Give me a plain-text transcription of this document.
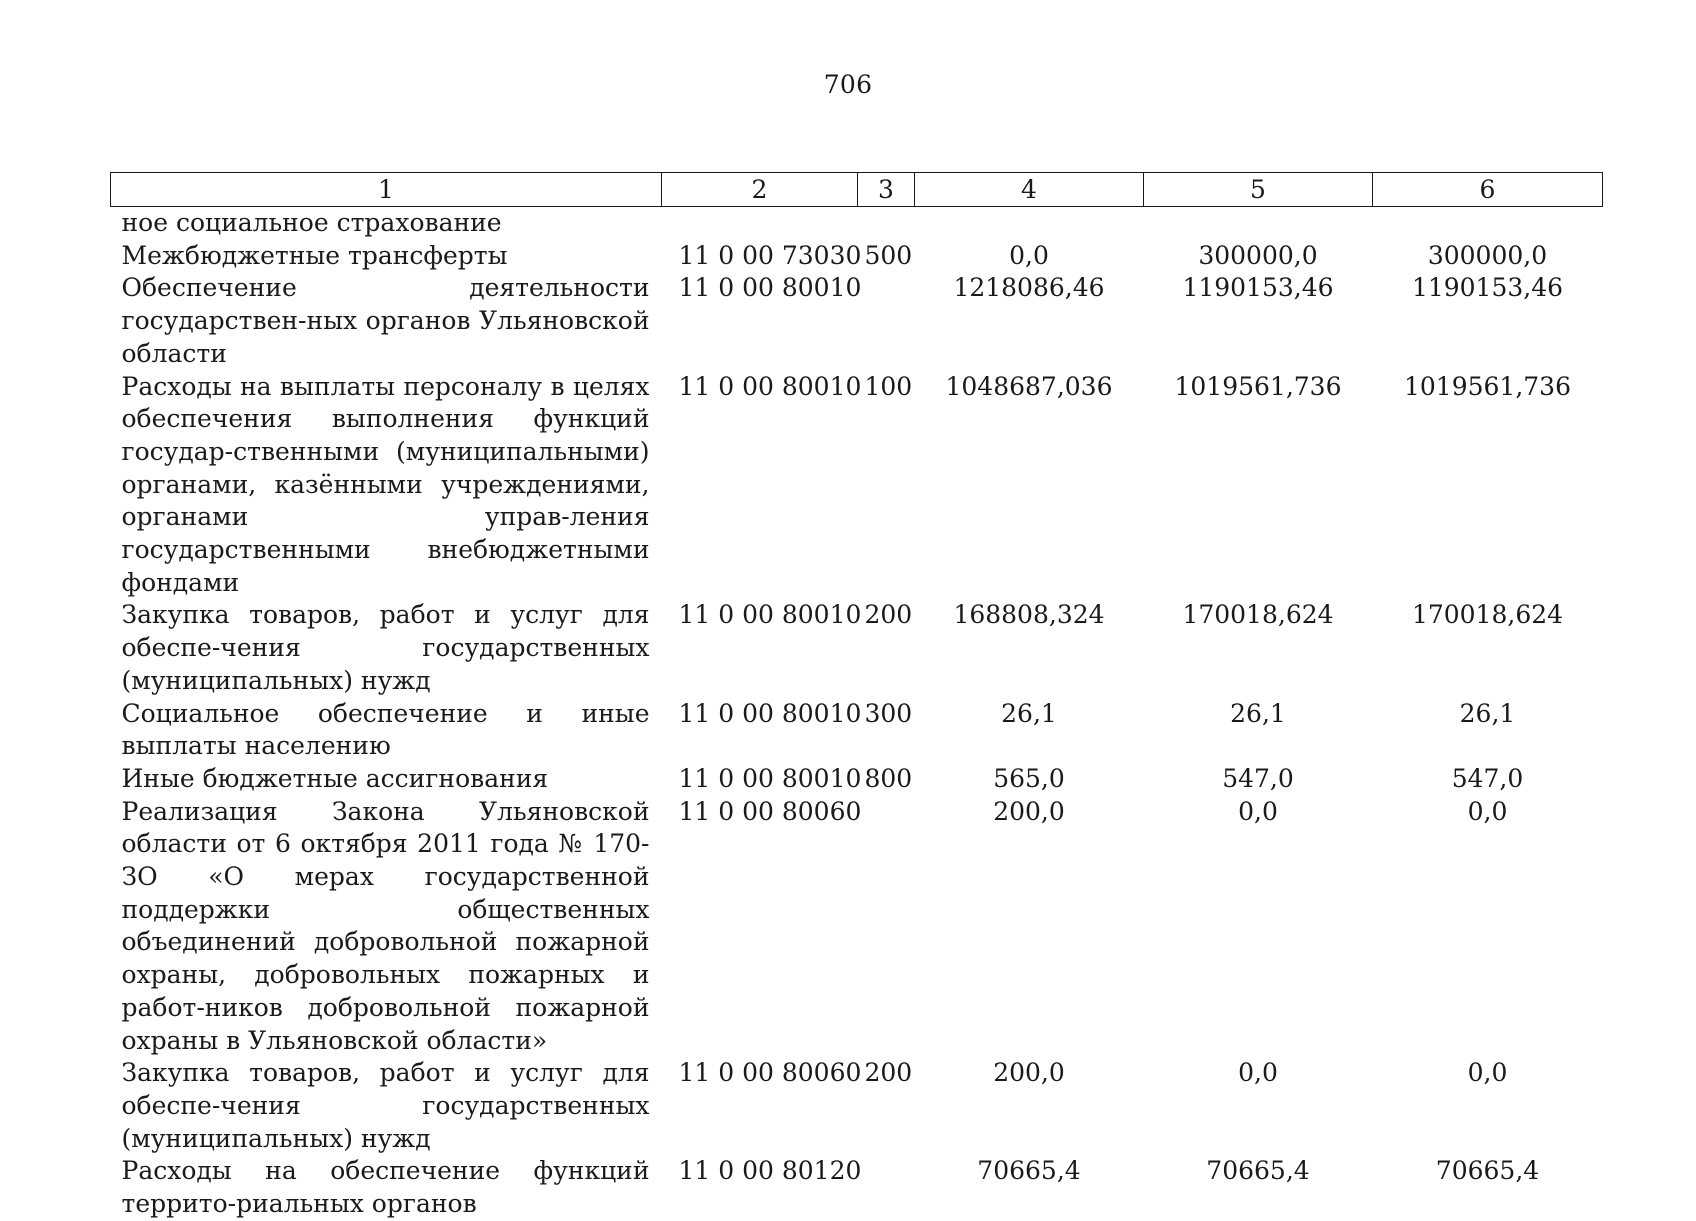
706
1	2	3	4	5	6
ное социальное страхование					
Межбюджетные трансферты	11 0 00 73030	500	0,0	300000,0	300000,0
Обеспечение деятельности государствен-ных органов Ульяновской области	11 0 00 80010		1218086,46	1190153,46	1190153,46
Расходы на выплаты персоналу в целях обеспечения выполнения функций государ-ственными (муниципальными) органами, казёнными учреждениями, органами управ-ления государственными внебюджетными фондами	11 0 00 80010	100	1048687,036	1019561,736	1019561,736
Закупка товаров, работ и услуг для обеспе-чения государственных (муниципальных) нужд	11 0 00 80010	200	168808,324	170018,624	170018,624
Социальное обеспечение и иные выплаты населению	11 0 00 80010	300	26,1	26,1	26,1
Иные бюджетные ассигнования	11 0 00 80010	800	565,0	547,0	547,0
Реализация Закона Ульяновской области от 6 октября 2011 года № 170-ЗО «О мерах государственной поддержки общественных объединений добровольной пожарной охраны, добровольных пожарных и работ-ников добровольной пожарной охраны в Ульяновской области»	11 0 00 80060		200,0	0,0	0,0
Закупка товаров, работ и услуг для обеспе-чения государственных (муниципальных) нужд	11 0 00 80060	200	200,0	0,0	0,0
Расходы на обеспечение функций террито-риальных органов	11 0 00 80120		70665,4	70665,4	70665,4
